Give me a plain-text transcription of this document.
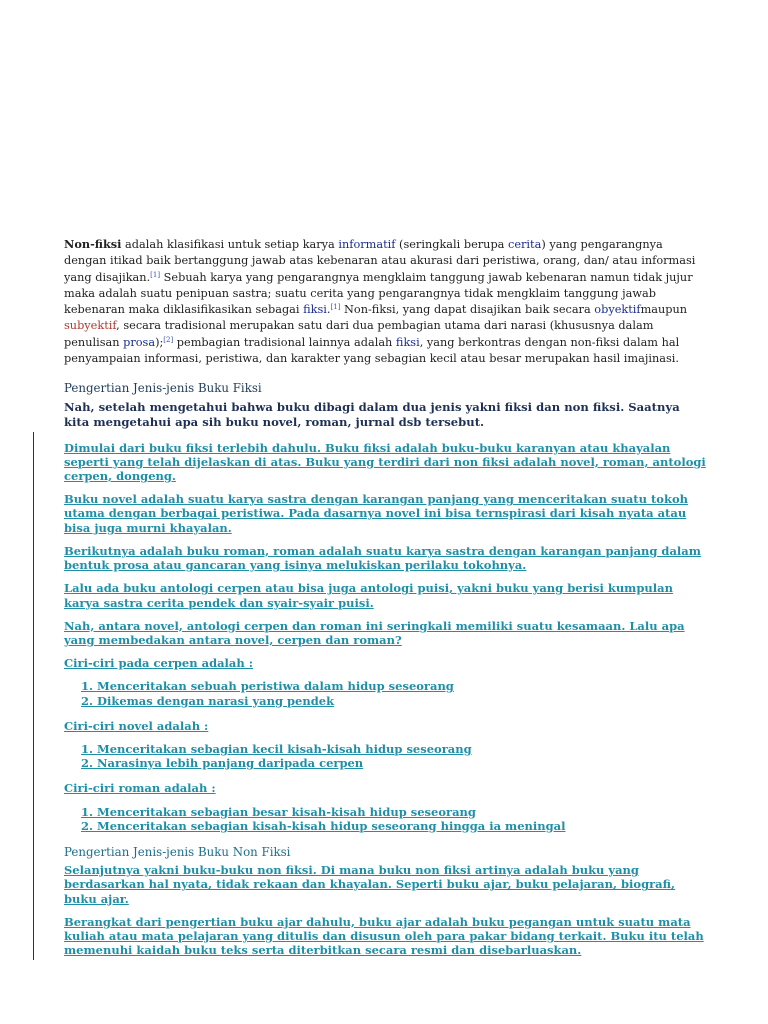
Non-fiksi adalah klasifikasi untuk setiap karya informatif (seringkali berupa cerita) yang pengarangnya dengan itikad baik bertanggung jawab atas kebenaran atau akurasi dari peristiwa, orang, dan/ atau informasi yang disajikan.[1] Sebuah karya yang pengarangnya mengklaim tanggung jawab kebenaran namun tidak jujur maka adalah suatu penipuan sastra; suatu cerita yang pengarangnya tidak mengklaim tanggung jawab kebenaran maka diklasifikasikan sebagai fiksi.[1] Non-fiksi, yang dapat disajikan baik secara obyektifmaupun subyektif, secara tradisional merupakan satu dari dua pembagian utama dari narasi (khususnya dalam penulisan prosa);[2] pembagian tradisional lainnya adalah fiksi, yang berkontras dengan non-fiksi dalam hal penyampaian informasi, peristiwa, dan karakter yang sebagian kecil atau besar merupakan hasil imajinasi.

Pengertian Jenis-jenis Buku Fiksi

Nah, setelah mengetahui bahwa buku dibagi dalam dua jenis yakni fiksi dan non fiksi. Saatnya kita mengetahui apa sih buku novel, roman, jurnal dsb tersebut.

Dimulai dari buku fiksi terlebih dahulu. Buku fiksi adalah buku-buku karanyan atau khayalan seperti yang telah dijelaskan di atas. Buku yang terdiri dari non fiksi adalah novel, roman, antologi cerpen, dongeng.

Buku novel adalah suatu karya sastra dengan karangan panjang yang menceritakan suatu tokoh utama dengan berbagai peristiwa. Pada dasarnya novel ini bisa ternspirasi dari kisah nyata atau bisa juga murni khayalan.

Berikutnya adalah buku roman, roman adalah suatu karya sastra dengan karangan panjang dalam bentuk prosa atau gancaran yang isinya melukiskan perilaku tokohnya.

Lalu ada buku antologi cerpen atau bisa juga antologi puisi, yakni buku yang berisi kumpulan karya sastra cerita pendek dan syair-syair puisi.

Nah, antara novel, antologi cerpen dan roman ini seringkali memiliki suatu kesamaan. Lalu apa yang membedakan antara novel, cerpen dan roman?

Ciri-ciri pada cerpen adalah :

1. Menceritakan sebuah peristiwa dalam hidup seseorang
2. Dikemas dengan narasi yang pendek

Ciri-ciri novel adalah :

1. Menceritakan sebagian kecil kisah-kisah hidup seseorang
2. Narasinya lebih panjang daripada cerpen

Ciri-ciri roman adalah :

1. Menceritakan sebagian besar kisah-kisah hidup seseorang
2. Menceritakan sebagian kisah-kisah hidup seseorang hingga ia meningal
Pengertian Jenis-jenis Buku Non Fiksi

Selanjutnya yakni buku-buku non fiksi. Di mana buku non fiksi artinya adalah buku yang berdasarkan hal nyata, tidak rekaan dan khayalan. Seperti buku ajar, buku pelajaran, biografi, buku ajar.

Berangkat dari pengertian buku ajar dahulu, buku ajar adalah buku pegangan untuk suatu mata kuliah atau mata pelajaran yang ditulis dan disusun oleh para pakar bidang terkait. Buku itu telah memenuhi kaidah buku teks serta diterbitkan secara resmi dan disebarluaskan.
